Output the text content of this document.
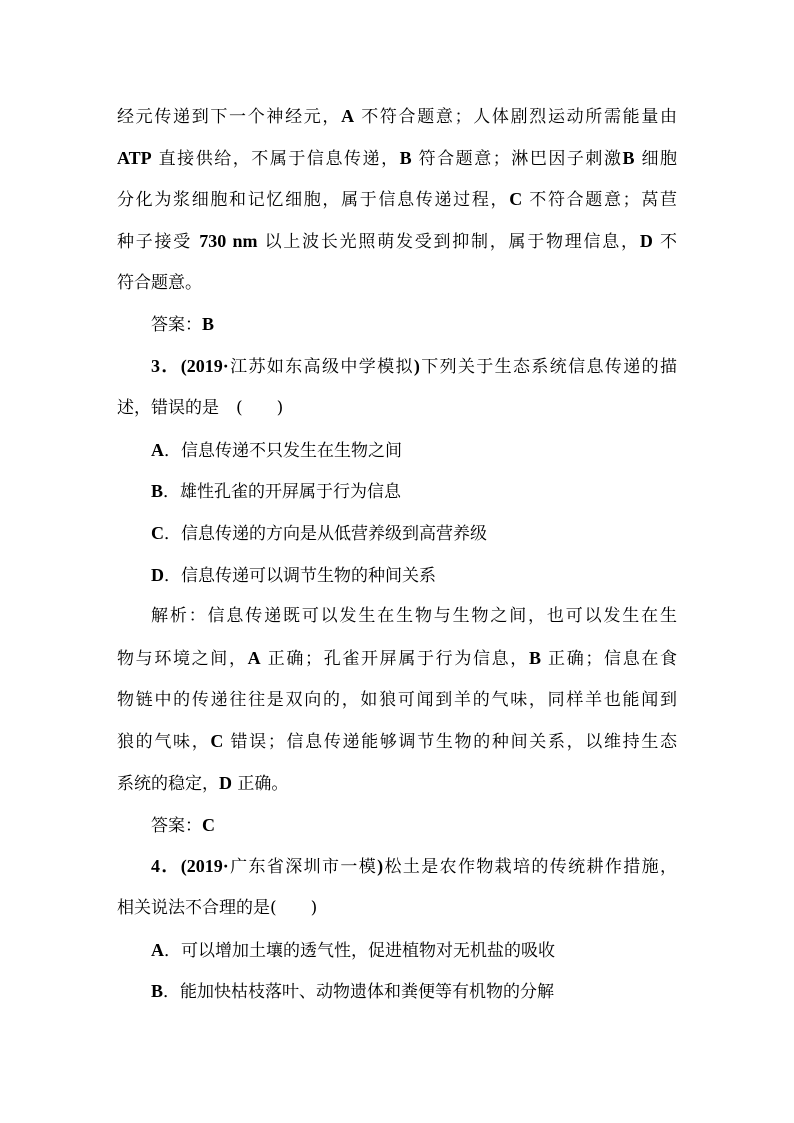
经元传递到下一个神经元，A 不符合题意；人体剧烈运动所需能量由
ATP 直接供给，不属于信息传递，B 符合题意；淋巴因子刺激B 细胞
分化为浆细胞和记忆细胞，属于信息传递过程，C 不符合题意；莴苣
种子接受 730 nm 以上波长光照萌发受到抑制，属于物理信息，D 不
符合题意。
答案：B
3．(2019·江苏如东高级中学模拟)下列关于生态系统信息传递的描
述，错误的是　(　　)
A．信息传递不只发生在生物之间
B．雄性孔雀的开屏属于行为信息
C．信息传递的方向是从低营养级到高营养级
D．信息传递可以调节生物的种间关系
解析：信息传递既可以发生在生物与生物之间，也可以发生在生
物与环境之间，A 正确；孔雀开屏属于行为信息，B 正确；信息在食
物链中的传递往往是双向的，如狼可闻到羊的气味，同样羊也能闻到
狼的气味，C 错误；信息传递能够调节生物的种间关系，以维持生态
系统的稳定，D 正确。
答案：C
4．(2019·广东省深圳市一模)松土是农作物栽培的传统耕作措施，
相关说法不合理的是(　　)
A．可以增加土壤的透气性，促进植物对无机盐的吸收
B．能加快枯枝落叶、动物遗体和粪便等有机物的分解
